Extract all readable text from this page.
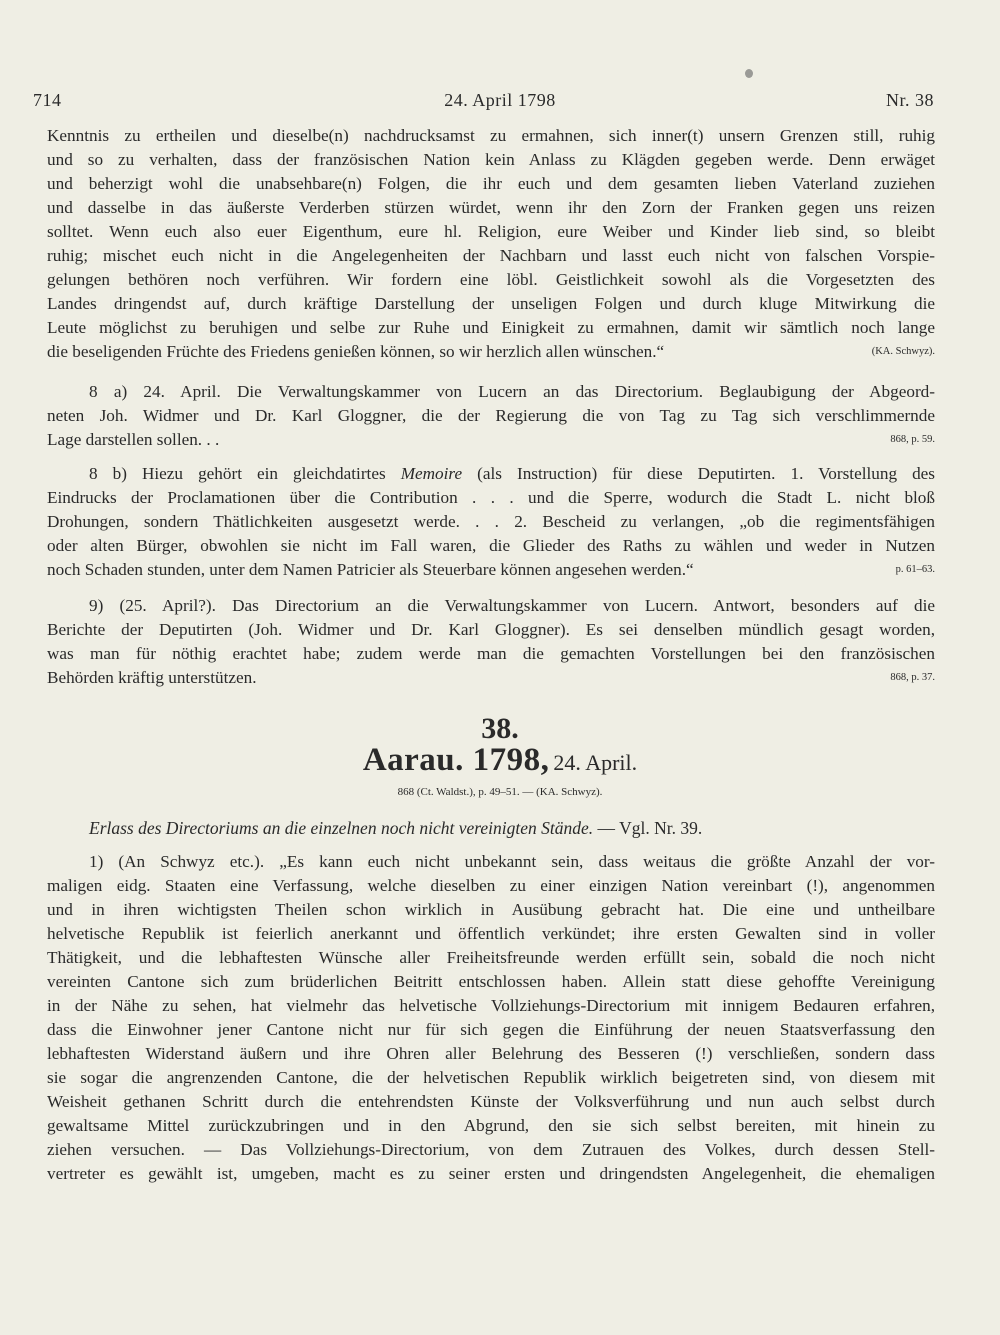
714	24. April 1798	Nr. 38
Kenntnis zu ertheilen und dieselbe(n) nachdrucksamst zu ermahnen, sich inner(t) unsern Grenzen still, ruhig
und so zu verhalten, dass der französischen Nation kein Anlass zu Klägden gegeben werde. Denn erwäget
und beherzigt wohl die unabsehbare(n) Folgen, die ihr euch und dem gesamten lieben Vaterland zuziehen
und dasselbe in das äußerste Verderben stürzen würdet, wenn ihr den Zorn der Franken gegen uns reizen
solltet. Wenn euch also euer Eigenthum, eure hl. Religion, eure Weiber und Kinder lieb sind, so bleibt
ruhig; mischet euch nicht in die Angelegenheiten der Nachbarn und lasst euch nicht von falschen Vorspie-
gelungen bethören noch verführen. Wir fordern eine löbl. Geistlichkeit sowohl als die Vorgesetzten des
Landes dringendst auf, durch kräftige Darstellung der unseligen Folgen und durch kluge Mitwirkung die
Leute möglichst zu beruhigen und selbe zur Ruhe und Einigkeit zu ermahnen, damit wir sämtlich noch lange
die beseligenden Früchte des Friedens genießen können, so wir herzlich allen wünschen.“	(KA. Schwyz).
8 a) 24. April. Die Verwaltungskammer von Lucern an das Directorium. Beglaubigung der Abgeord-
neten Joh. Widmer und Dr. Karl Gloggner, die der Regierung die von Tag zu Tag sich verschlimmernde
Lage darstellen sollen. . .	868, p. 59.
8 b) Hiezu gehört ein gleichdatirtes Memoire (als Instruction) für diese Deputirten. 1. Vorstellung des
Eindrucks der Proclamationen über die Contribution . . . und die Sperre, wodurch die Stadt L. nicht bloß
Drohungen, sondern Thätlichkeiten ausgesetzt werde. . . 2. Bescheid zu verlangen, „ob die regimentsfähigen
oder alten Bürger, obwohlen sie nicht im Fall waren, die Glieder des Raths zu wählen und weder in Nutzen
noch Schaden stunden, unter dem Namen Patricier als Steuerbare können angesehen werden.“	p. 61–63.
9) (25. April?). Das Directorium an die Verwaltungskammer von Lucern. Antwort, besonders auf die
Berichte der Deputirten (Joh. Widmer und Dr. Karl Gloggner). Es sei denselben mündlich gesagt worden,
was man für nöthig erachtet habe; zudem werde man die gemachten Vorstellungen bei den französischen
Behörden kräftig unterstützen.	868, p. 37.
38.
Aarau. 1798, 24. April.
868 (Ct. Waldst.), p. 49–51. — (KA. Schwyz).
Erlass des Directoriums an die einzelnen noch nicht vereinigten Stände. — Vgl. Nr. 39.
1) (An Schwyz etc.). „Es kann euch nicht unbekannt sein, dass weitaus die größte Anzahl der vor-
maligen eidg. Staaten eine Verfassung, welche dieselben zu einer einzigen Nation vereinbart (!), angenommen
und in ihren wichtigsten Theilen schon wirklich in Ausübung gebracht hat. Die eine und untheilbare
helvetische Republik ist feierlich anerkannt und öffentlich verkündet; ihre ersten Gewalten sind in voller
Thätigkeit, und die lebhaftesten Wünsche aller Freiheitsfreunde werden erfüllt sein, sobald die noch nicht
vereinten Cantone sich zum brüderlichen Beitritt entschlossen haben. Allein statt diese gehoffte Vereinigung
in der Nähe zu sehen, hat vielmehr das helvetische Vollziehungs-Directorium mit innigem Bedauren erfahren,
dass die Einwohner jener Cantone nicht nur für sich gegen die Einführung der neuen Staatsverfassung den
lebhaftesten Widerstand äußern und ihre Ohren aller Belehrung des Besseren (!) verschließen, sondern dass
sie sogar die angrenzenden Cantone, die der helvetischen Republik wirklich beigetreten sind, von diesem mit
Weisheit gethanen Schritt durch die entehrendsten Künste der Volksverführung und nun auch selbst durch
gewaltsame Mittel zurückzubringen und in den Abgrund, den sie sich selbst bereiten, mit hinein zu
ziehen versuchen. — Das Vollziehungs-Directorium, von dem Zutrauen des Volkes, durch dessen Stell-
vertreter es gewählt ist, umgeben, macht es zu seiner ersten und dringendsten Angelegenheit, die ehemaligen
